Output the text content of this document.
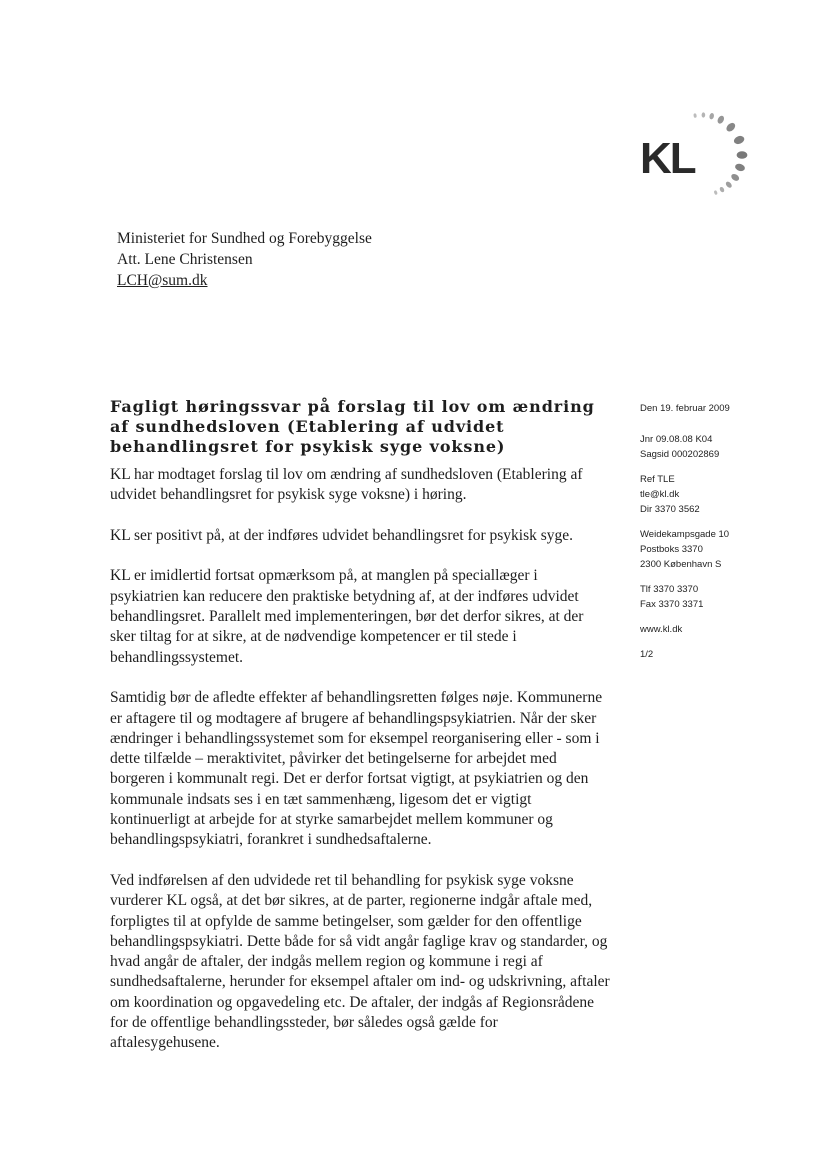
KL
Ministeriet for Sundhed og Forebyggelse
Att. Lene Christensen
LCH@sum.dk
Fagligt høringssvar på forslag til lov om ændring af sundhedsloven (Etablering af udvidet behandlingsret for psykisk syge voksne)

KL har modtaget forslag til lov om ændring af sundhedsloven (Etablering af udvidet behandlingsret for psykisk syge voksne) i høring.

KL ser positivt på, at der indføres udvidet behandlingsret for psykisk syge.

KL er imidlertid fortsat opmærksom på, at manglen på speciallæger i psykiatrien kan reducere den praktiske betydning af, at der indføres udvidet behandlingsret. Parallelt med implementeringen, bør det derfor sikres, at der sker tiltag for at sikre, at de nødvendige kompetencer er til stede i behandlingssystemet.

Samtidig bør de afledte effekter af behandlingsretten følges nøje. Kommunerne er aftagere til og modtagere af brugere af behandlingspsykiatrien. Når der sker ændringer i behandlingssystemet som for eksempel reorganisering eller - som i dette tilfælde – meraktivitet, påvirker det betingelserne for arbejdet med borgeren i kommunalt regi. Det er derfor fortsat vigtigt, at psykiatrien og den kommunale indsats ses i en tæt sammenhæng, ligesom det er vigtigt kontinuerligt at arbejde for at styrke samarbejdet mellem kommuner og behandlingspsykiatri, forankret i sundhedsaftalerne.

Ved indførelsen af den udvidede ret til behandling for psykisk syge voksne vurderer KL også, at det bør sikres, at de parter, regionerne indgår aftale med, forpligtes til at opfylde de samme betingelser, som gælder for den offentlige behandlingspsykiatri. Dette både for så vidt angår faglige krav og standarder, og hvad angår de aftaler, der indgås mellem region og kommune i regi af sundhedsaftalerne, herunder for eksempel aftaler om ind- og udskrivning, aftaler om koordination og opgavedeling etc. De aftaler, der indgås af Regionsrådene for de offentlige behandlingssteder, bør således også gælde for aftalesygehusene.

Den 19. februar 2009
Jnr 09.08.08 K04
Sagsid 000202869
Ref TLE
tle@kl.dk
Dir 3370 3562
Weidekampsgade 10
Postboks 3370
2300 København S
Tlf 3370 3370
Fax 3370 3371
www.kl.dk
1/2
